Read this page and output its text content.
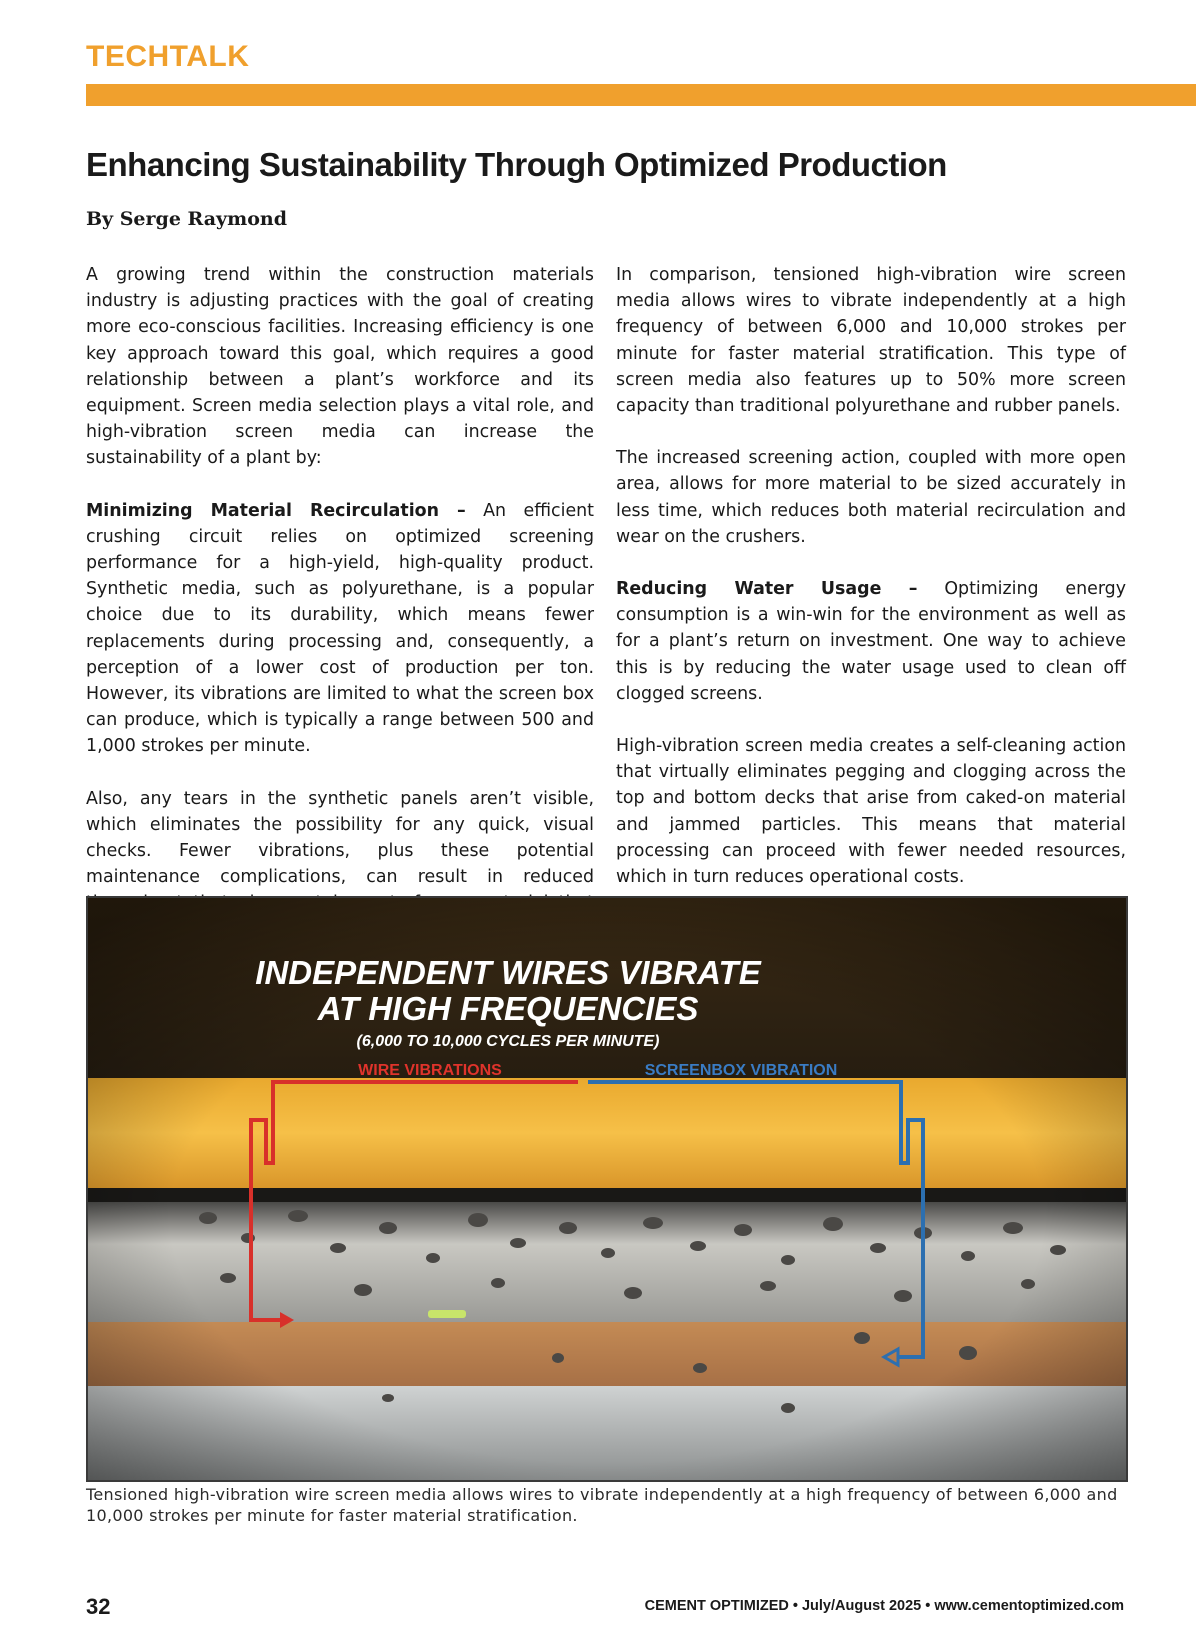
TECHTALK
Enhancing Sustainability Through Optimized Production
By Serge Raymond

A growing trend within the construction materials industry is adjusting practices with the goal of creating more eco-conscious facilities. Increasing efficiency is one key approach toward this goal, which requires a good relationship between a plant’s workforce and its equipment. Screen media selection plays a vital role, and high-vibration screen media can increase the sustainability of a plant by:

Minimizing Material Recirculation – An efficient crushing circuit relies on optimized screening performance for a high-yield, high-quality product. Synthetic media, such as polyurethane, is a popular choice due to its durability, which means fewer replacements during processing and, consequently, a perception of a lower cost of production per ton. However, its vibrations are limited to what the screen box can produce, which is typically a range between 500 and 1,000 strokes per minute.

Also, any tears in the synthetic panels aren’t visible, which eliminates the possibility for any quick, visual checks. Fewer vibrations, plus these potential maintenance complications, can result in reduced

In comparison, tensioned high-vibration wire screen media allows wires to vibrate independently at a high frequency of between 6,000 and 10,000 strokes per minute for faster material stratification. This type of screen media also features up to 50% more screen capacity than traditional polyurethane and rubber panels.

The increased screening action, coupled with more open area, allows for more material to be sized accurately in less time, which reduces both material recirculation and wear on the crushers.

Reducing Water Usage – Optimizing energy consumption is a win-win for the environment as well as for a plant’s return on investment. One way to achieve this is by reducing the water usage used to clean off clogged screens.

High-vibration screen media creates a self-cleaning action that virtually eliminates pegging and clogging across the top and bottom decks that arise from caked-on material and jammed particles. This means that material processing can proceed with fewer needed resources, which in turn reduces operational costs.

INDEPENDENT WIRES VIBRATE
AT HIGH FREQUENCIES
(6,000 TO 10,000 CYCLES PER MINUTE)
WIRE VIBRATIONS	SCREENBOX VIBRATION
Tensioned high-vibration wire screen media allows wires to vibrate independently at a high frequency of between 6,000 and 10,000 strokes per minute for faster material stratification.
32	CEMENT OPTIMIZED • July/August 2025 • www.cementoptimized.com
